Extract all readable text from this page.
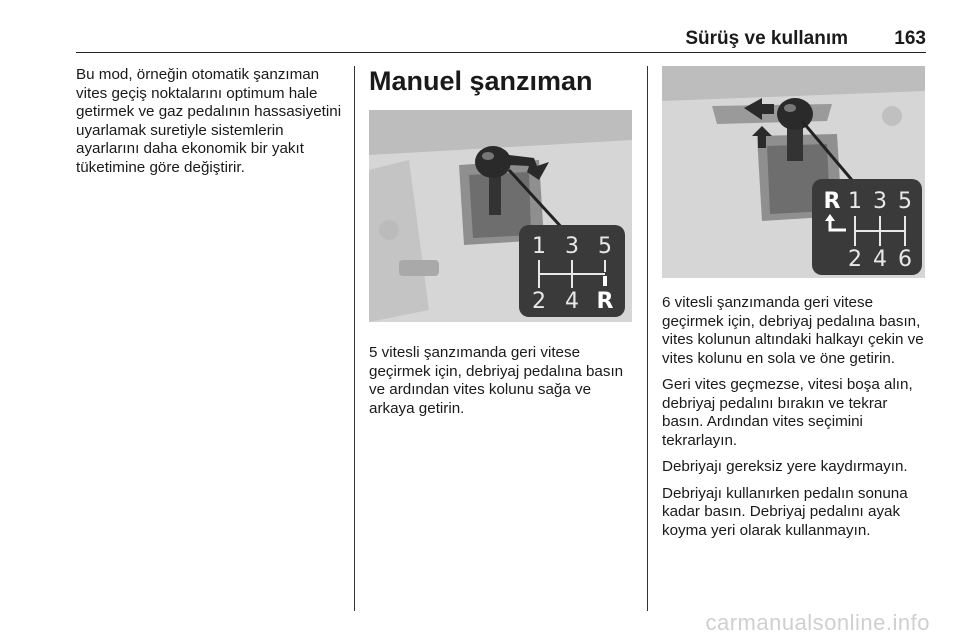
Sürüş ve kullanım 163

Bu mod, örneğin otomatik şanzıman vites geçiş noktalarını optimum hale getirmek ve gaz pedalının hassasiyetini uyarlamak suretiyle sistemlerin ayarlarını daha ekonomik bir yakıt tüketimine göre değiştirir.

Manuel şanzıman
1 3 5
2 4 R

5 vitesli şanzımanda geri vitese geçirmek için, debriyaj pedalına basın ve ardından vites kolunu sağa ve arkaya getirin.

R 1 3 5
2 4 6

6 vitesli şanzımanda geri vitese geçirmek için, debriyaj pedalına basın, vites kolunun altındaki halkayı çekin ve vites kolunu en sola ve öne getirin.

Geri vites geçmezse, vitesi boşa alın, debriyaj pedalını bırakın ve tekrar basın. Ardından vites seçimini tekrarlayın.

Debriyajı gereksiz yere kaydırmayın.

Debriyajı kullanırken pedalın sonuna kadar basın. Debriyaj pedalını ayak koyma yeri olarak kullanmayın.

carmanualsonline.info
